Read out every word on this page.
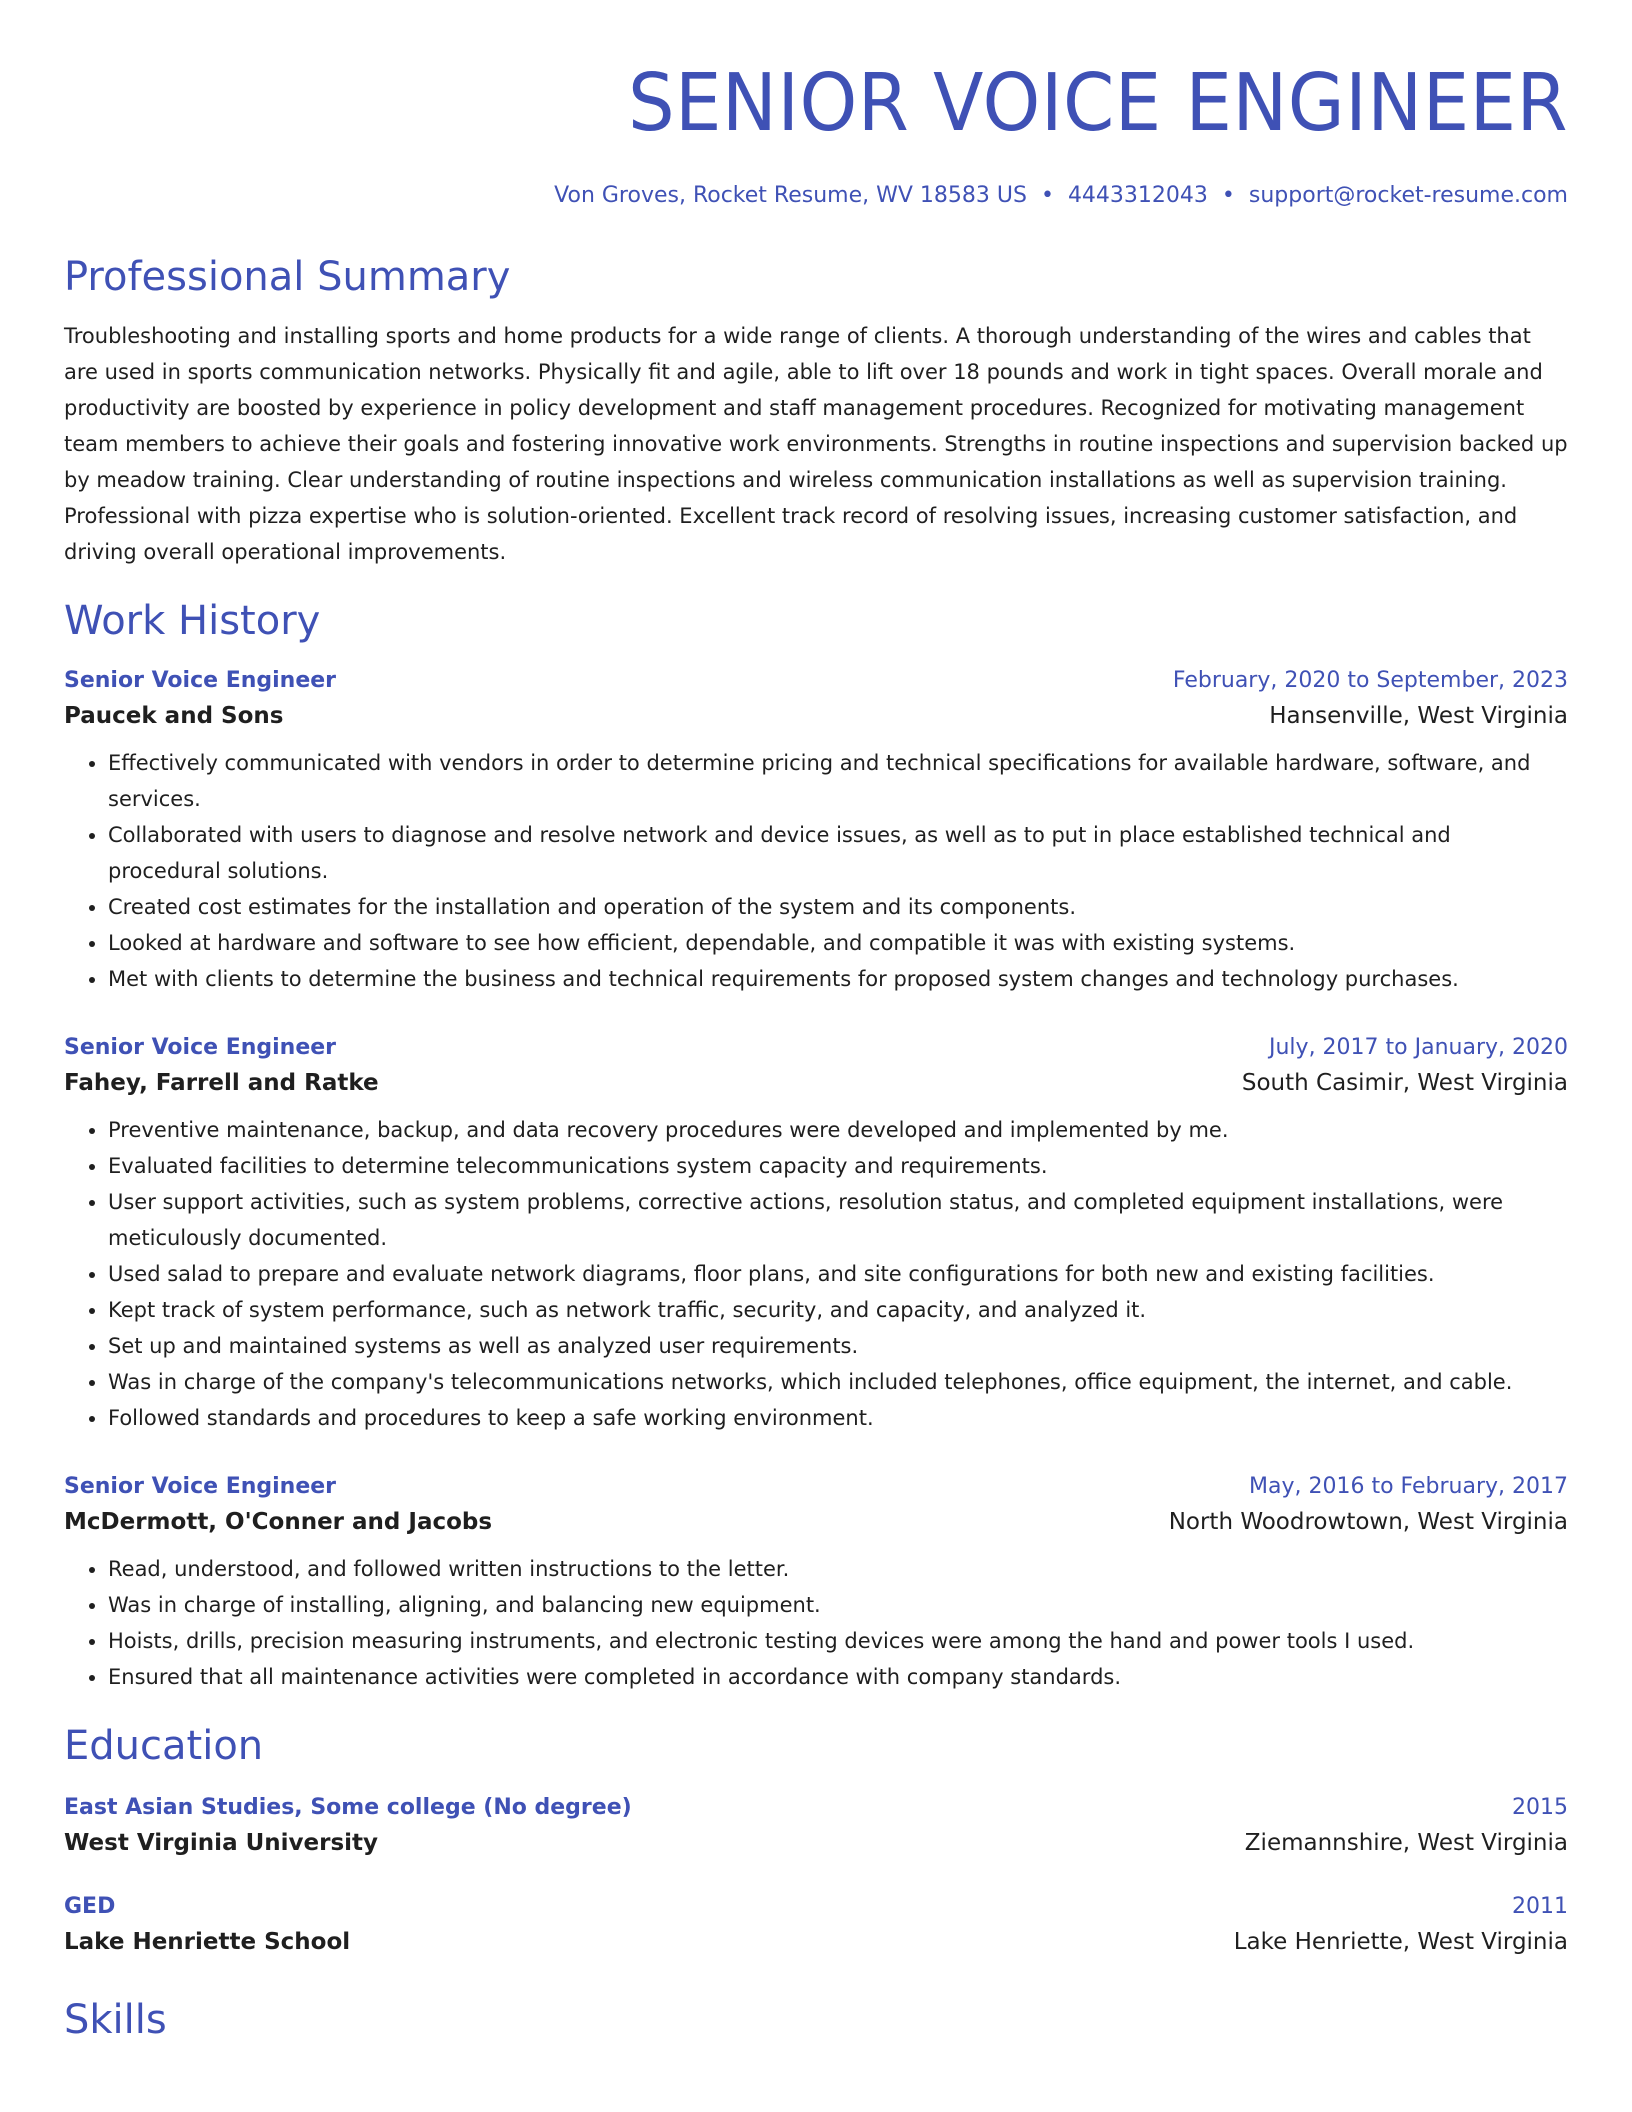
SENIOR VOICE ENGINEER
Von Groves, Rocket Resume, WV 18583 US • 4443312043 • support@rocket-resume.com
Professional Summary
Troubleshooting and installing sports and home products for a wide range of clients. A thorough understanding of the wires and cables that are used in sports communication networks. Physically fit and agile, able to lift over 18 pounds and work in tight spaces. Overall morale and productivity are boosted by experience in policy development and staff management procedures. Recognized for motivating management team members to achieve their goals and fostering innovative work environments. Strengths in routine inspections and supervision backed up by meadow training. Clear understanding of routine inspections and wireless communication installations as well as supervision training. Professional with pizza expertise who is solution-oriented. Excellent track record of resolving issues, increasing customer satisfaction, and driving overall operational improvements.
Work History
Senior Voice Engineer	February, 2020 to September, 2023
Paucek and Sons	Hansenville, West Virginia
• Effectively communicated with vendors in order to determine pricing and technical specifications for available hardware, software, and services.
• Collaborated with users to diagnose and resolve network and device issues, as well as to put in place established technical and procedural solutions.
• Created cost estimates for the installation and operation of the system and its components.
• Looked at hardware and software to see how efficient, dependable, and compatible it was with existing systems.
• Met with clients to determine the business and technical requirements for proposed system changes and technology purchases.
Senior Voice Engineer	July, 2017 to January, 2020
Fahey, Farrell and Ratke	South Casimir, West Virginia
• Preventive maintenance, backup, and data recovery procedures were developed and implemented by me.
• Evaluated facilities to determine telecommunications system capacity and requirements.
• User support activities, such as system problems, corrective actions, resolution status, and completed equipment installations, were meticulously documented.
• Used salad to prepare and evaluate network diagrams, floor plans, and site configurations for both new and existing facilities.
• Kept track of system performance, such as network traffic, security, and capacity, and analyzed it.
• Set up and maintained systems as well as analyzed user requirements.
• Was in charge of the company's telecommunications networks, which included telephones, office equipment, the internet, and cable.
• Followed standards and procedures to keep a safe working environment.
Senior Voice Engineer	May, 2016 to February, 2017
McDermott, O'Conner and Jacobs	North Woodrowtown, West Virginia
• Read, understood, and followed written instructions to the letter.
• Was in charge of installing, aligning, and balancing new equipment.
• Hoists, drills, precision measuring instruments, and electronic testing devices were among the hand and power tools I used.
• Ensured that all maintenance activities were completed in accordance with company standards.
Education
East Asian Studies, Some college (No degree)	2015
West Virginia University	Ziemannshire, West Virginia
GED	2011
Lake Henriette School	Lake Henriette, West Virginia
Skills
